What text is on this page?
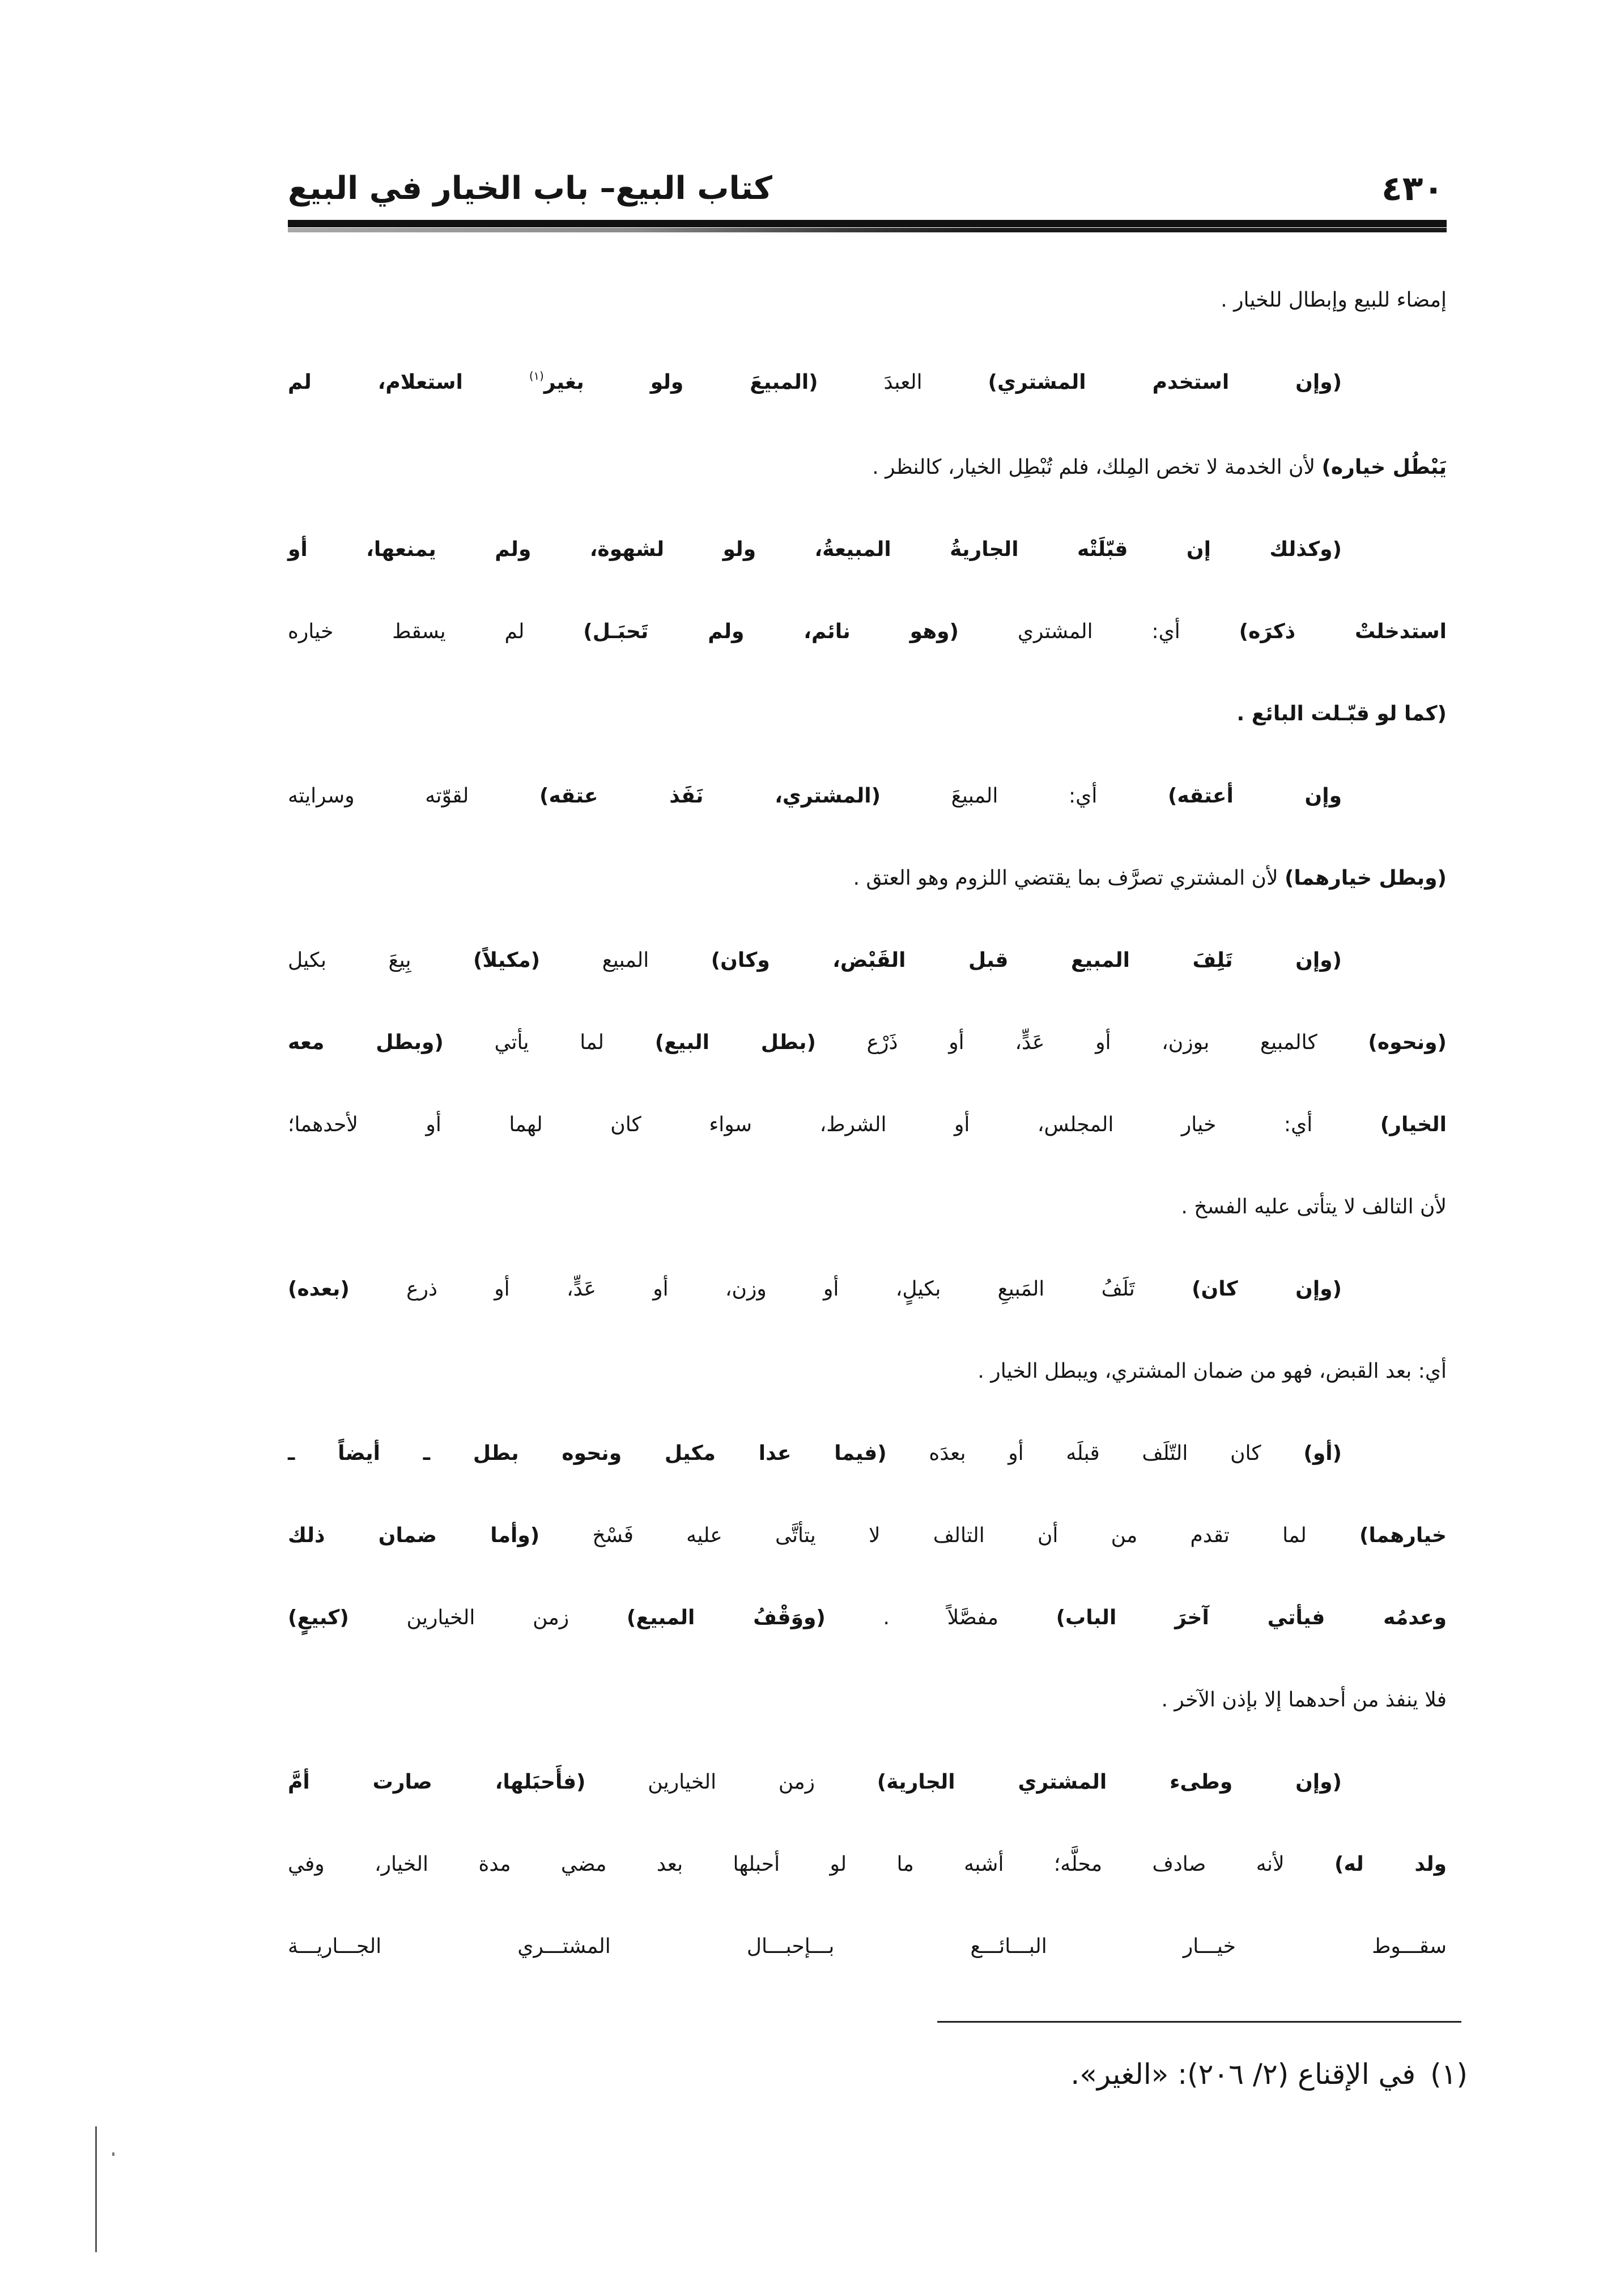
كتاب البيع– باب الخيار في البيع	٤٣٠
إمضاء للبيع وإبطال للخيار .
(وإن استخدم المشتري) العبدَ (المبيعَ ولو بغير$^{(١)}$ استعلام، لم
يَبْطُل خياره) لأن الخدمة لا تخص المِلك، فلم تُبْطِل الخيار، كالنظر .
(وكذلك إن قبّلَتْه الجاريةُ المبيعةُ، ولو لشهوة، ولم يمنعها، أو
استدخلتْ ذكرَه) أي: المشتري (وهو نائم، ولم تَحبَـل) لم يسقط خياره
(كما لو قبّـلت البائع .
وإن أعتقه) أي: المبيعَ (المشتري، نَفَذ عتقه) لقوّته وسرايته
(وبطل خيارهما) لأن المشتري تصرَّف بما يقتضي اللزوم وهو العتق .
(وإن تَلِفَ المبيع قبل القَبْض، وكان) المبيع (مكيلاً) بِيعَ بكيل
(ونحوه) كالمبيع بوزن، أو عَدٍّ، أو ذَرْع (بطل البيع) لما يأتي (وبطل معه
الخيار) أي: خيار المجلس، أو الشرط، سواء كان لهما أو لأحدهما؛
لأن التالف لا يتأتى عليه الفسخ .
(وإن كان) تَلَفُ المَبيعِ بكيلٍ، أو وزن، أو عَدٍّ، أو ذرع (بعده)
أي: بعد القبض، فهو من ضمان المشتري، ويبطل الخيار .
(أو) كان التّلَف قبلَه أو بعدَه (فيما عدا مكيل ونحوه بطل ـ أيضاً ـ
خيارهما) لما تقدم من أن التالف لا يتأتَّى عليه فَسْخ (وأما ضمان ذلك
وعدمُه فيأتي آخرَ الباب) مفصَّلاً . (ووَقْفُ المبيع) زمن الخيارين (كبيعٍ)
فلا ينفذ من أحدهما إلا بإذن الآخر .
(وإن وطىء المشتري الجارية) زمن الخيارين (فأَحبَلها، صارت أمَّ
ولد له) لأنه صادف محلَّه؛ أشبه ما لو أحبلها بعد مضي مدة الخيار، وفي
سقـــوط خيـــار البـــائـــع بـــإحبـــال المشتـــري الجـــاريـــة
(١)في الإقناع (٢/ ٢٠٦): «الغير».
